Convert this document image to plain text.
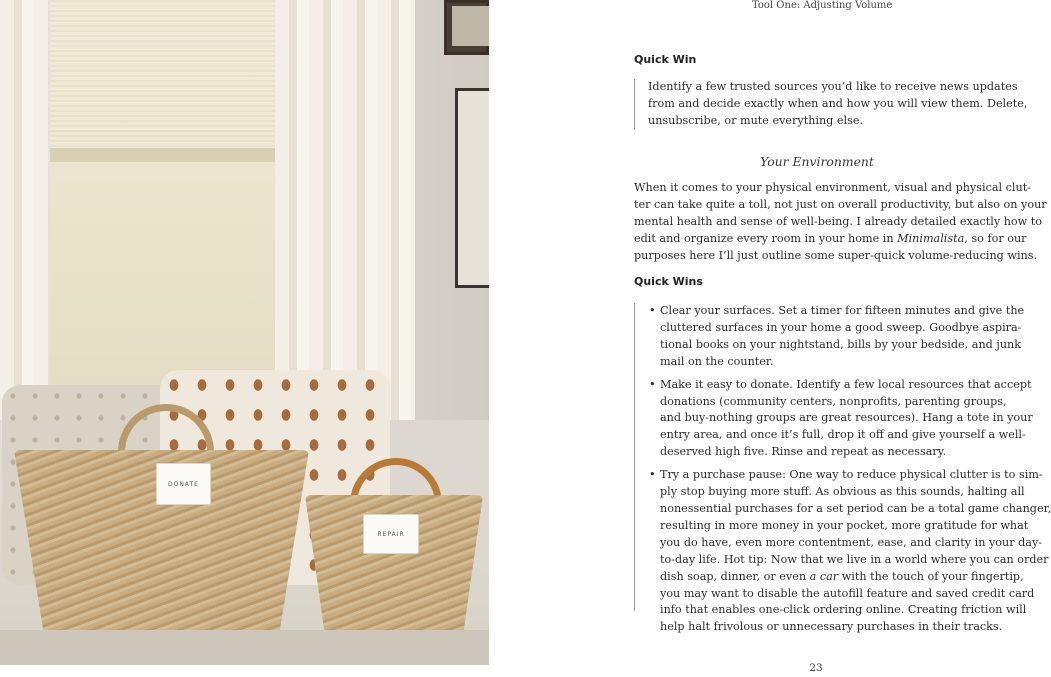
DONATE
REPAIR
Tool One: Adjusting Volume
Quick Win
Identify a few trusted sources you’d like to receive news updates
from and decide exactly when and how you will view them. Delete,
unsubscribe, or mute everything else.
Your Environment
When it comes to your physical environment, visual and physical clut-
ter can take quite a toll, not just on overall productivity, but also on your
mental health and sense of well-being. I already detailed exactly how to
edit and organize every room in your home in Minimalista, so for our
purposes here I’ll just outline some super-quick volume-reducing wins.
Quick Wins
• Clear your surfaces. Set a timer for fifteen minutes and give the
cluttered surfaces in your home a good sweep. Goodbye aspira-
tional books on your nightstand, bills by your bedside, and junk
mail on the counter.
• Make it easy to donate. Identify a few local resources that accept
donations (community centers, nonprofits, parenting groups,
and buy-nothing groups are great resources). Hang a tote in your
entry area, and once it’s full, drop it off and give yourself a well-
deserved high five. Rinse and repeat as necessary.
• Try a purchase pause: One way to reduce physical clutter is to sim-
ply stop buying more stuff. As obvious as this sounds, halting all
nonessential purchases for a set period can be a total game changer,
resulting in more money in your pocket, more gratitude for what
you do have, even more contentment, ease, and clarity in your day-
to-day life. Hot tip: Now that we live in a world where you can order
dish soap, dinner, or even a car with the touch of your fingertip,
you may want to disable the autofill feature and saved credit card
info that enables one-click ordering online. Creating friction will
help halt frivolous or unnecessary purchases in their tracks.
23
